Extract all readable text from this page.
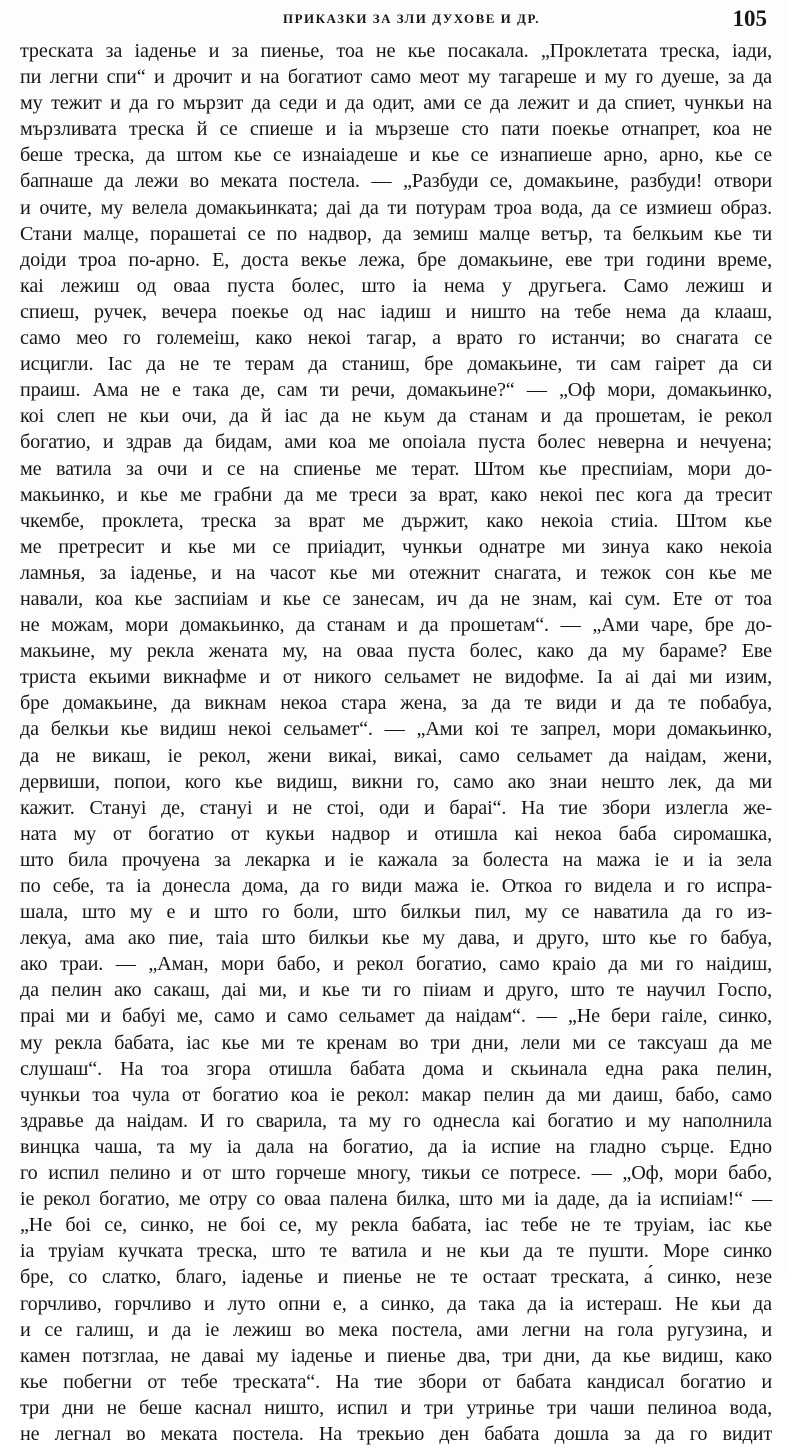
ПРИКАЗКИ ЗА ЗЛИ ДУХОВЕ И ДР.	105
трескaта за іаденье и за пиенье, тоа не кье посакала. „Проклетата треска, іади,
пи легни спи“ и дрочит и на богатиот само меот му тагареше и му го дуеше, за да
му тежит и да го мързит да седи и да одит, ами се да лежит и да спиет, чункьи на
мързливата треска й се спиеше и іа мързеше сто пати поекье отнапрет, коа не
беше треска, да штом кье се изнаіадеше и кье се изнапиеше арно, арно, кье се
бапнаше да лежи во меката постела. — „Разбуди се, домакьине, разбуди! отвори
и очите, му велела домакьинката; даі да ти потурам троа вода, да се измиеш образ.
Стани малце, порашетаі се по надвор, да земиш малце ветър, та белкьим кье ти
доіди троа по-арно. Е, доста векье лежа, бре домакьине, еве три години време,
каі лежиш од оваа пуста болес, што іа нема у другьега. Само лежиш и
спиеш, ручек, вечера поекье од нас іадиш и ништо на тебе нема да клааш,
само меo го големеiш, како некоі тагар, а врато го истанчи; во снагата се
исцигли. Іас да не те терам да станиш, бре домакьине, ти сам гаірет да си
праиш. Ама не е така де, сам ти речи, домакьине?“ — „Оф мори, домакьинко,
коі слеп не кьи очи, да й іас да не кьум да станам и да прошетам, іе рекол
богатио, и здрав да бидам, ами коа ме опоіала пуста болес неверна и нечуена;
ме ватила за очи и се на спиенье ме терат. Штом кье преспиіам, мори до-
макьинко, и кье ме грабни да ме треси за врат, како некоі пес кога да тресит
чкембе, проклета, треска за врат ме държит, како некоіа стиіа. Штом кье
ме претресит и кье ми се приіадит, чункьи однатре ми зинуа како некоіа
ламнья, за іаденье, и на часот кье ми отежнит снагата, и тежок сон кье ме
навали, коа кье заспиіам и кье се занесам, ич да не знам, каі сум. Ете от тоа
не можам, мори домакьинко, да станам и да прошетам“. — „Ами чаре, бре до-
макьине, му рекла жената му, на оваа пуста болес, како да му бараме? Еве
триста екьими викнафме и от никого сельамет не видофме. Іа аі даі ми изим,
бре домакьине, да викнам некоа стара жена, за да те види и да те побабуа,
да белкьи кье видиш некоі сельамет“. — „Ами коі те запрел, мори домакьинко,
да не викаш, іе рекол, жени викаі, викаі, само сельамет да наідам, жени,
дервиши, попои, кого кье видиш, викни го, само ако знаи нешто лек, да ми
кажит. Стануі де, стануі и не стоі, оди и бараі“. На тие збори излегла же-
ната му от богатио от кукьи надвор и отишла каі некоа баба сиромашка,
што била прочуена за лекарка и іе кажала за болеста на мажа іе и іа зела
по себе, та іа донесла дома, да го види мажа іе. Откоа го видела и го испра-
шала, што му е и што го боли, што билкьи пил, му се навати͏ла да го из-
лекуа, ама ако пие, таіа што билкьи кье му дава, и друго, што кье го бабуа,
ако траи. — „Аман, мори бабо, и рекол богатио, само краіо да ми го наіди͏ш,
да пелин ако сакаш, даі ми, и кье ти го піиам и друго, што те научил Госпо,
праі ми и бабуі ме, само и само сельамет да наідам“. — „Не бери гаіле, синко,
му рекла бабата, іас кье ми те кренам во три дни, лели ми се таксуаш да ме
слушаш“. На тоа згора отишла бабата дома и скьинала една рака пелин,
чункьи тоа чула от богатио коа іе рекол: макар пелин да ми даиш, бабо, само
здравье да наідам. И го сварила, та му го однесла каі богатио и му наполнила
винцка чаша, та му іа дала на богатио, да іа испие на гладно сърце. Едно
го испил пелино и от што горчеше многу, тикьи се потресе. — „Оф, мори бабо,
іе рекол богатио, ме отру со оваа палена билка, што ми іа даде, да іа испиіам!“ —
„Не боі се, синко, не боі се, му рекла бабата, іас тебе не те труіам, іас кье
іа труіам кучката треска, што те ватила и не кьи да те пушти. Море синко
бре, со слатко, благо, іаденье и пиенье не те остаат трескaта, а́ синко, незе
горчливо, горчливо и луто опни е, а синко, да така да іа истераш. Не кьи да
и се галиш, и да іе лежиш во мека постела, ами легни на гола ругузина, и
камен потзглаа, не даваі му іаденье и пиенье два, три дни, да кье видиш, како
кье побегни от тебе трескaта“. На тие збори от бабата кандисал богатио и
три дни не беше каснал ништо, испил и три утринье три чаши пелиноа вода,
не легнал во меката постела. На трекьио ден бабата дошла за да го видит
